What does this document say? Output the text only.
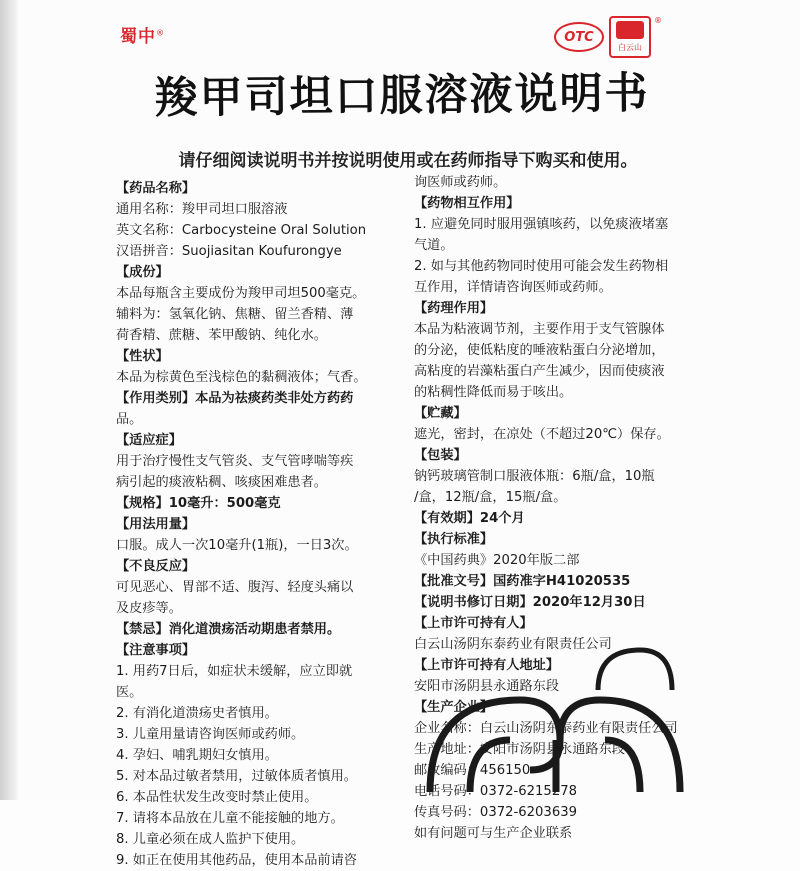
蜀中®	OTC
白云山
®
羧甲司坦口服溶液说明书
请仔细阅读说明书并按说明使用或在药师指导下购买和使用。
【药品名称】
通用名称：羧甲司坦口服溶液
英文名称：Carbocysteine Oral Solution
汉语拼音：Suojiasitan Koufurongye
【成份】
本品每瓶含主要成份为羧甲司坦500毫克。
辅料为：氢氧化钠、焦糖、留兰香精、薄
荷香精、蔗糖、苯甲酸钠、纯化水。
【性状】
本品为棕黄色至浅棕色的黏稠液体；气香。
【作用类别】本品为祛痰药类非处方药药
品。
【适应症】
用于治疗慢性支气管炎、支气管哮喘等疾
病引起的痰液粘稠、咳痰困难患者。
【规格】10毫升：500毫克
【用法用量】
口服。成人一次10毫升(1瓶)，一日3次。
【不良反应】
可见恶心、胃部不适、腹泻、轻度头痛以
及皮疹等。
【禁忌】消化道溃疡活动期患者禁用。
【注意事项】
1. 用药7日后，如症状未缓解，应立即就
医。
2. 有消化道溃疡史者慎用。
3. 儿童用量请咨询医师或药师。
4. 孕妇、哺乳期妇女慎用。
5. 对本品过敏者禁用，过敏体质者慎用。
6. 本品性状发生改变时禁止使用。
7. 请将本品放在儿童不能接触的地方。
8. 儿童必须在成人监护下使用。
9. 如正在使用其他药品，使用本品前请咨
询医师或药师。
【药物相互作用】
1. 应避免同时服用强镇咳药，以免痰液堵塞
气道。
2. 如与其他药物同时使用可能会发生药物相
互作用，详情请咨询医师或药师。
【药理作用】
本品为粘液调节剂，主要作用于支气管腺体
的分泌，使低粘度的唾液粘蛋白分泌增加，
高粘度的岩藻粘蛋白产生减少，因而使痰液
的粘稠性降低而易于咳出。
【贮藏】
遮光，密封，在凉处（不超过20℃）保存。
【包装】
钠钙玻璃管制口服液体瓶：6瓶/盒，10瓶
/盒，12瓶/盒，15瓶/盒。
【有效期】24个月
【执行标准】
《中国药典》2020年版二部
【批准文号】国药准字H41020535
【说明书修订日期】2020年12月30日
【上市许可持有人】
白云山汤阴东泰药业有限责任公司
【上市许可持有人地址】
安阳市汤阴县永通路东段
【生产企业】
企业名称：白云山汤阴东泰药业有限责任公司
生产地址：安阳市汤阴县永通路东段
邮政编码：456150
电话号码：0372-6215278
传真号码：0372-6203639
如有问题可与生产企业联系
